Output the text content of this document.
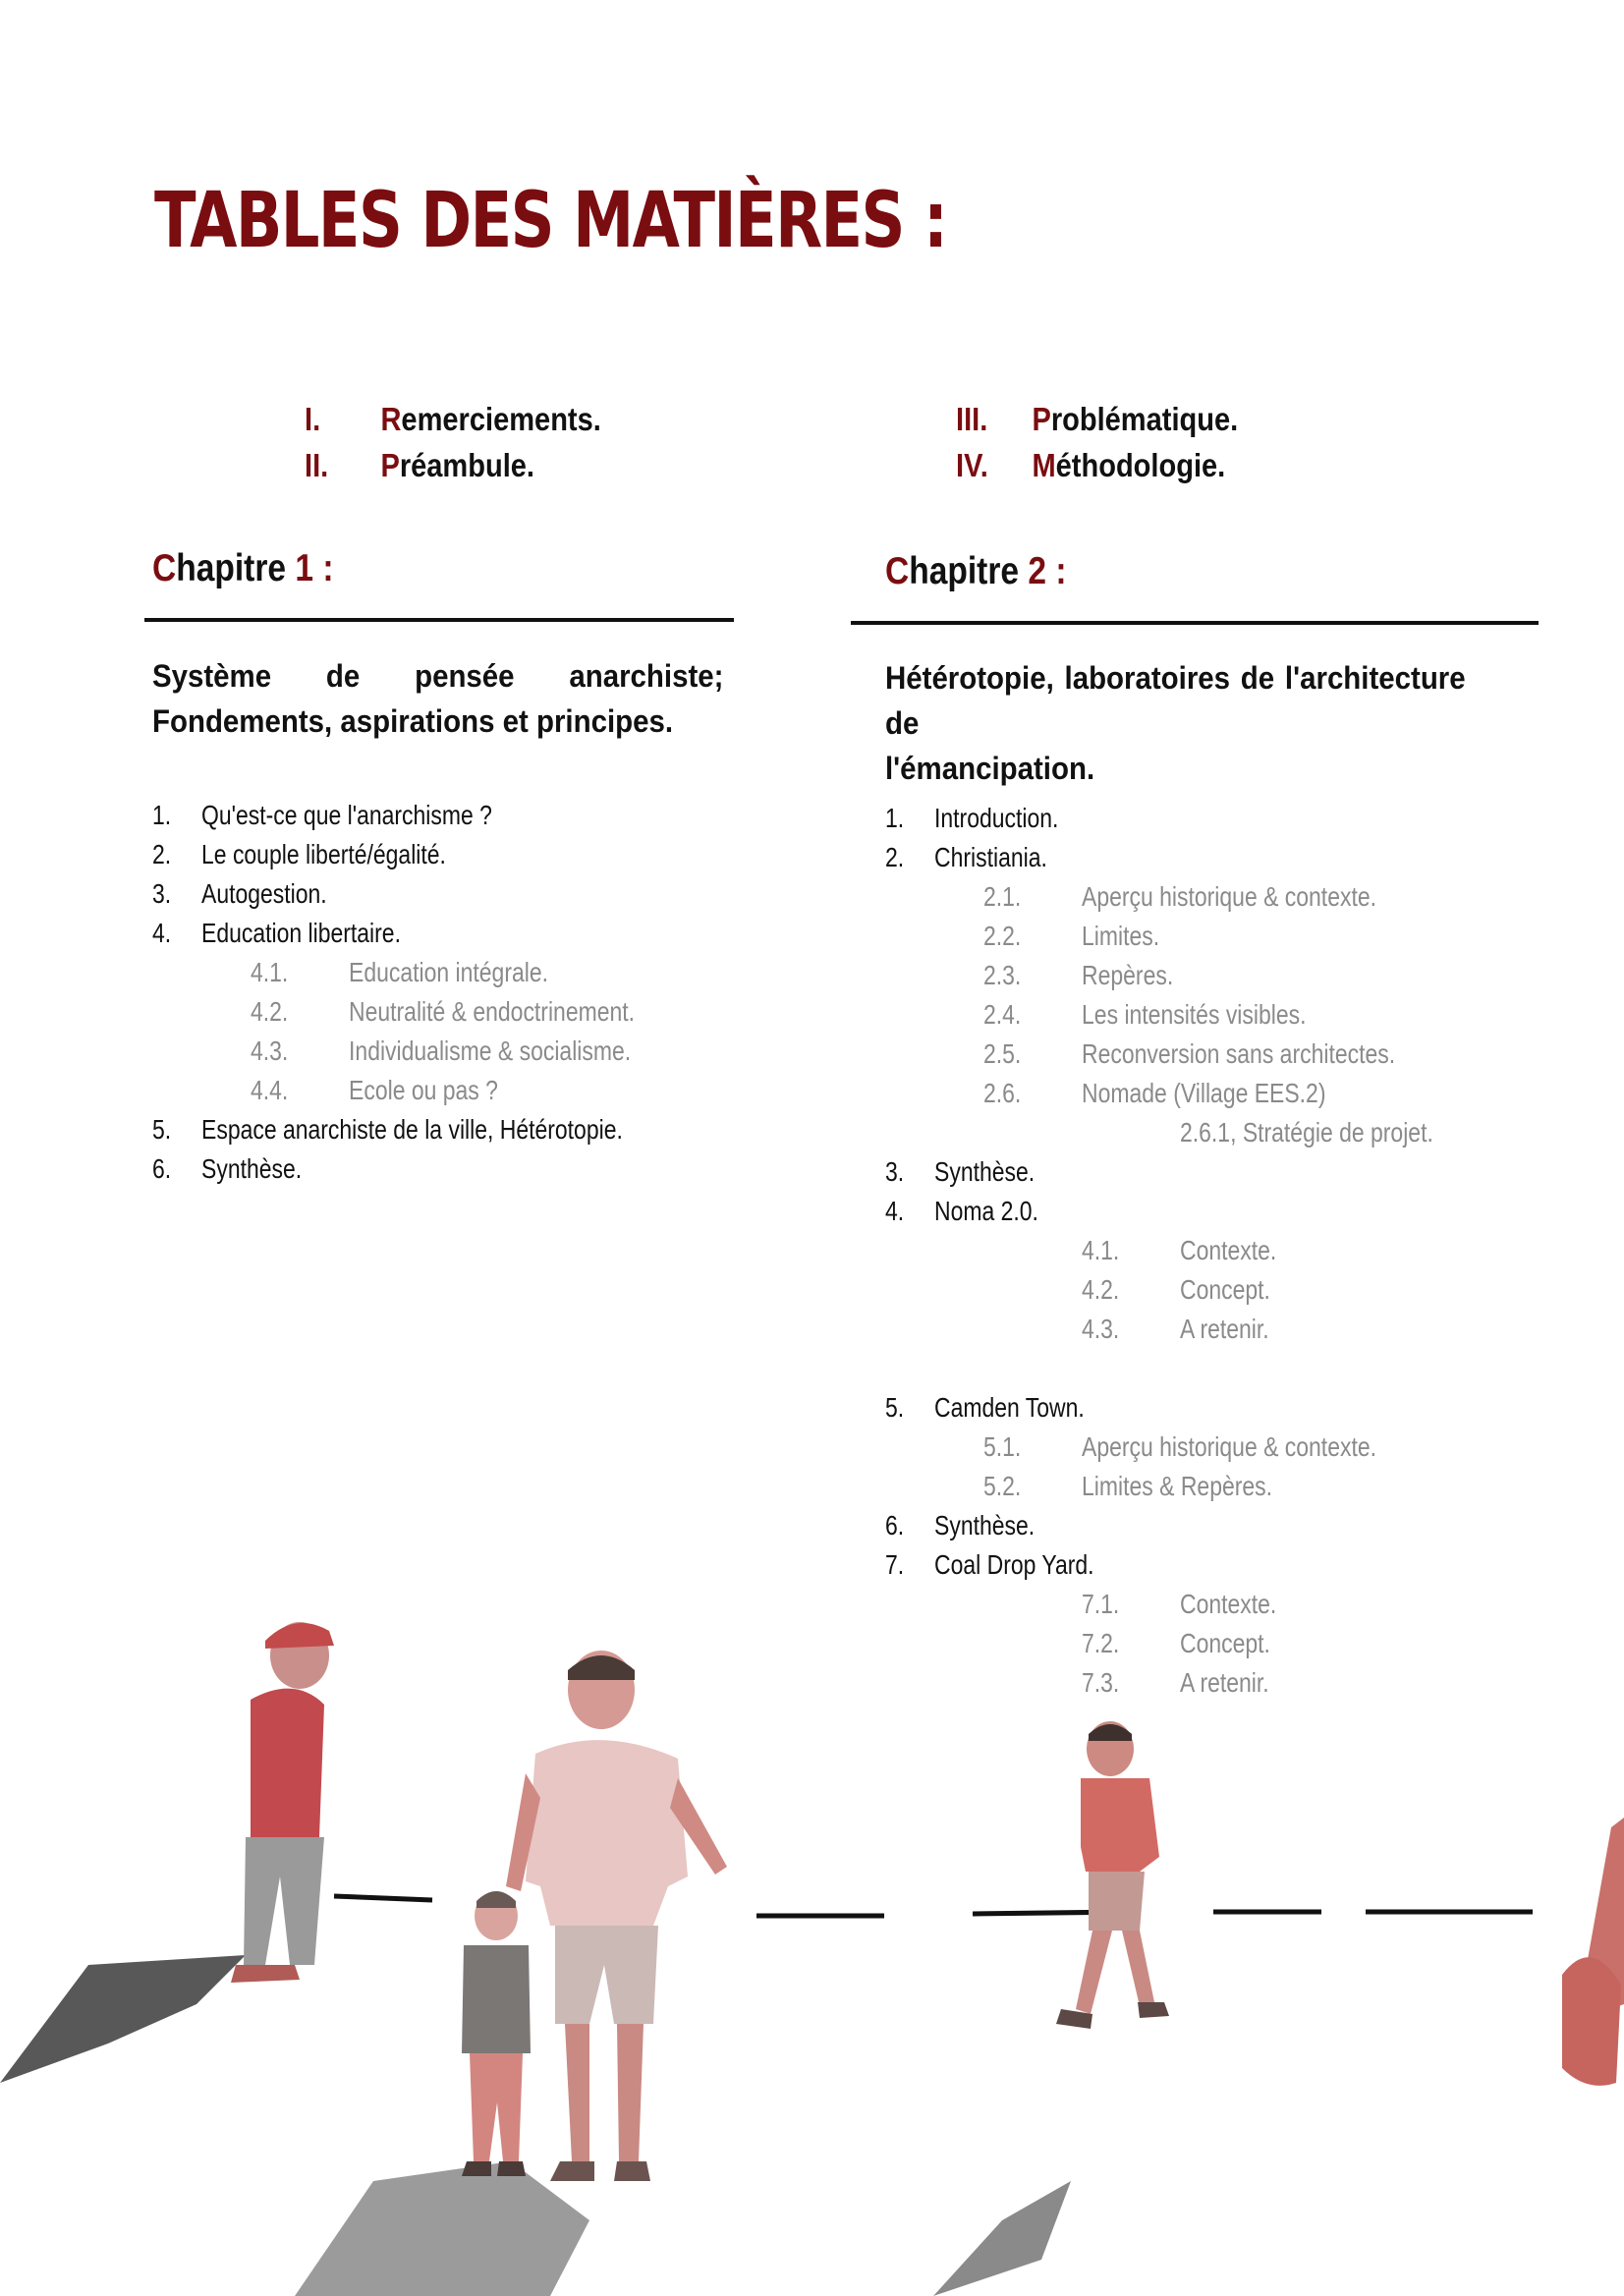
TABLES DES MATIÈRES :
I. Remerciements.
II. Préambule.
III. Problématique.
IV. Méthodologie.
Chapitre 1 :
Système de pensée anarchiste;
Fondements, aspirations et principes.
1. Qu'est-ce que l'anarchisme ?
2. Le couple liberté/égalité.
3. Autogestion.
4. Education libertaire.
4.1. Education intégrale.
4.2. Neutralité & endoctrinement.
4.3. Individualisme & socialisme.
4.4. Ecole ou pas ?
5. Espace anarchiste de la ville, Hétérotopie.
6. Synthèse.
Chapitre 2 :
Hétérotopie, laboratoires de l'architecture de
l'émancipation.
1. Introduction.
2. Christiania.
2.1. Aperçu historique & contexte.
2.2. Limites.
2.3. Repères.
2.4. Les intensités visibles.
2.5. Reconversion sans architectes.
2.6. Nomade (Village EES.2)
2.6.1, Stratégie de projet.
3. Synthèse.
4. Noma 2.0.
4.1. Contexte.
4.2. Concept.
4.3. A retenir.
5. Camden Town.
5.1. Aperçu historique & contexte.
5.2. Limites & Repères.
6. Synthèse.
7. Coal Drop Yard.
7.1. Contexte.
7.2. Concept.
7.3. A retenir.
